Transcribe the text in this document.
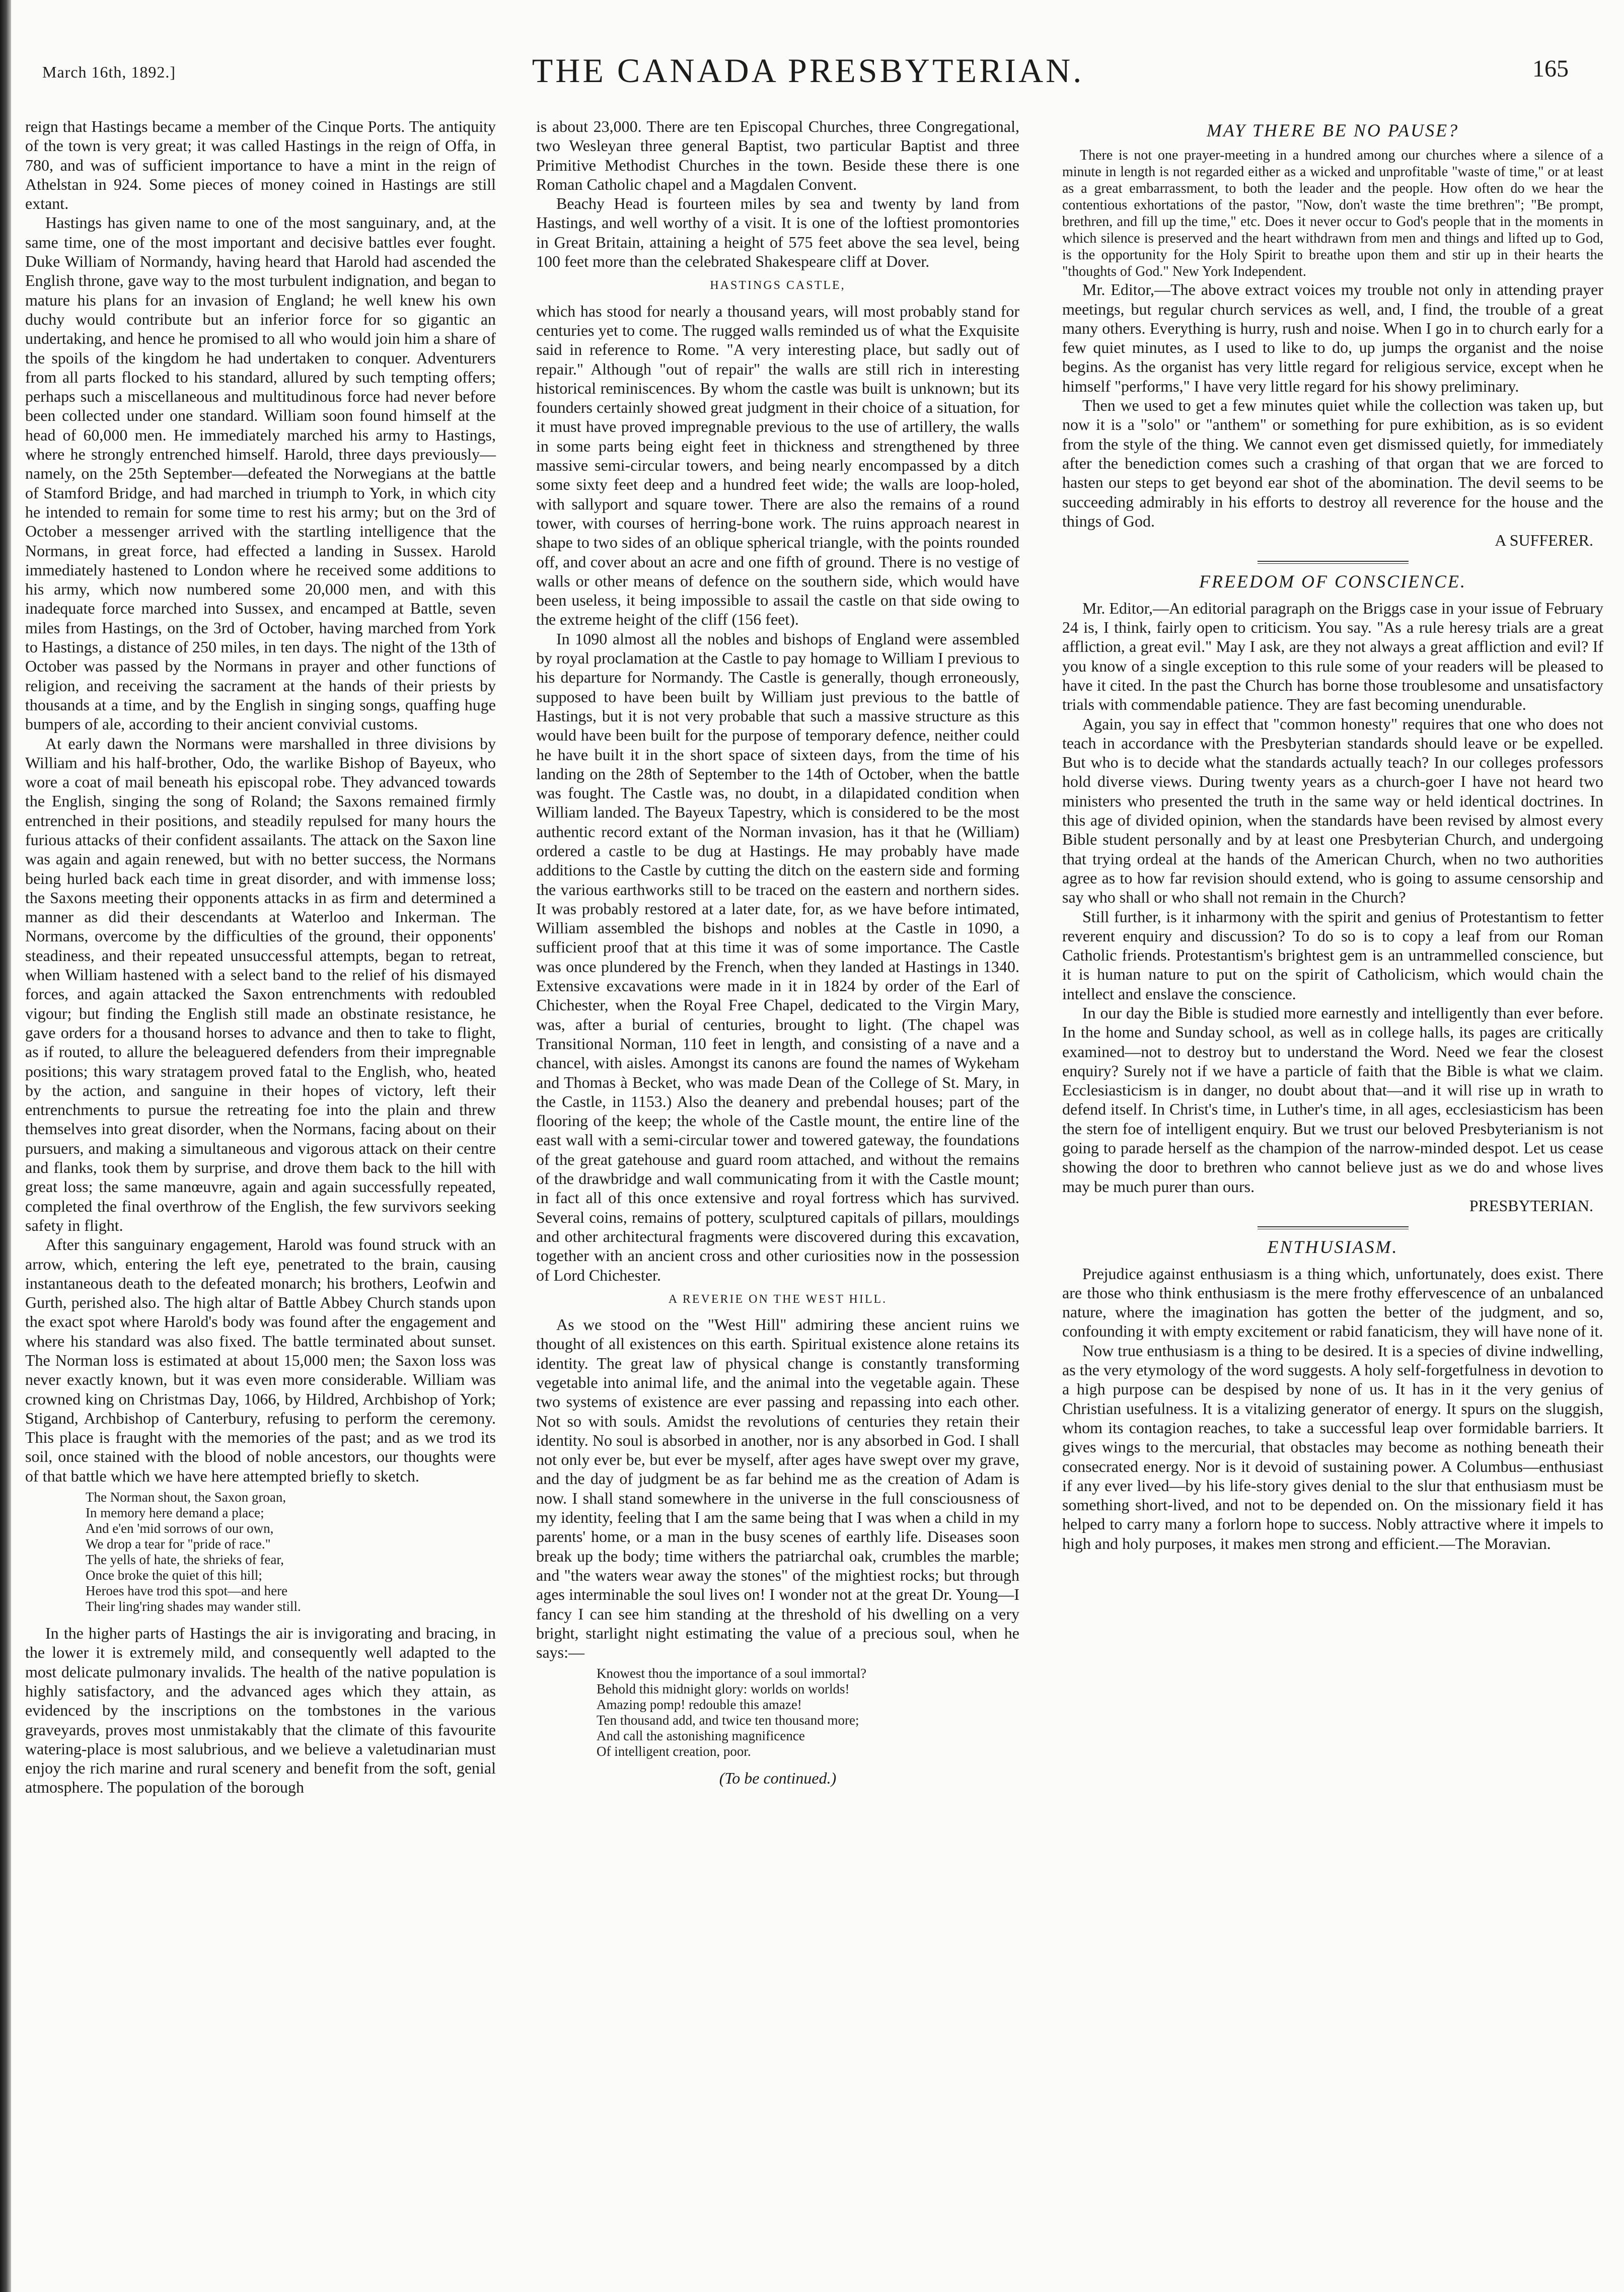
March 16th, 1892.]	THE CANADA PRESBYTERIAN.	165

reign that Hastings became a member of the Cinque Ports. The antiquity of the town is very great; it was called Hastings in the reign of Offa, in 780, and was of sufficient importance to have a mint in the reign of Athelstan in 924. Some pieces of money coined in Hastings are still extant.

Hastings has given name to one of the most sanguinary, and, at the same time, one of the most important and decisive battles ever fought. Duke William of Normandy, having heard that Harold had ascended the English throne, gave way to the most turbulent indignation, and began to mature his plans for an invasion of England; he well knew his own duchy would contribute but an inferior force for so gigantic an undertaking, and hence he promised to all who would join him a share of the spoils of the kingdom he had undertaken to conquer. Adventurers from all parts flocked to his standard, allured by such tempting offers; perhaps such a miscellaneous and multitudinous force had never before been collected under one standard. William soon found himself at the head of 60,000 men. He immediately marched his army to Hastings, where he strongly entrenched himself. Harold, three days previously—namely, on the 25th September—defeated the Norwegians at the battle of Stamford Bridge, and had marched in triumph to York, in which city he intended to remain for some time to rest his army; but on the 3rd of October a messenger arrived with the startling intelligence that the Normans, in great force, had effected a landing in Sussex. Harold immediately hastened to London where he received some additions to his army, which now numbered some 20,000 men, and with this inadequate force marched into Sussex, and encamped at Battle, seven miles from Hastings, on the 3rd of October, having marched from York to Hastings, a distance of 250 miles, in ten days. The night of the 13th of October was passed by the Normans in prayer and other functions of religion, and receiving the sacrament at the hands of their priests by thousands at a time, and by the English in singing songs, quaffing huge bumpers of ale, according to their ancient convivial customs.

At early dawn the Normans were marshalled in three divisions by William and his half-brother, Odo, the warlike Bishop of Bayeux, who wore a coat of mail beneath his episcopal robe. They advanced towards the English, singing the song of Roland; the Saxons remained firmly entrenched in their positions, and steadily repulsed for many hours the furious attacks of their confident assailants. The attack on the Saxon line was again and again renewed, but with no better success, the Normans being hurled back each time in great disorder, and with immense loss; the Saxons meeting their opponents attacks in as firm and determined a manner as did their descendants at Waterloo and Inkerman. The Normans, overcome by the difficulties of the ground, their opponents' steadiness, and their repeated unsuccessful attempts, began to retreat, when William hastened with a select band to the relief of his dismayed forces, and again attacked the Saxon entrenchments with redoubled vigour; but finding the English still made an obstinate resistance, he gave orders for a thousand horses to advance and then to take to flight, as if routed, to allure the beleaguered defenders from their impregnable positions; this wary stratagem proved fatal to the English, who, heated by the action, and sanguine in their hopes of victory, left their entrenchments to pursue the retreating foe into the plain and threw themselves into great disorder, when the Normans, facing about on their pursuers, and making a simultaneous and vigorous attack on their centre and flanks, took them by surprise, and drove them back to the hill with great loss; the same manœuvre, again and again successfully repeated, completed the final overthrow of the English, the few survivors seeking safety in flight.

After this sanguinary engagement, Harold was found struck with an arrow, which, entering the left eye, penetrated to the brain, causing instantaneous death to the defeated monarch; his brothers, Leofwin and Gurth, perished also. The high altar of Battle Abbey Church stands upon the exact spot where Harold's body was found after the engagement and where his standard was also fixed. The battle terminated about sunset. The Norman loss is estimated at about 15,000 men; the Saxon loss was never exactly known, but it was even more considerable. William was crowned king on Christmas Day, 1066, by Hildred, Archbishop of York; Stigand, Archbishop of Canterbury, refusing to perform the ceremony. This place is fraught with the memories of the past; and as we trod its soil, once stained with the blood of noble ancestors, our thoughts were of that battle which we have here attempted briefly to sketch.

The Norman shout, the Saxon groan,
In memory here demand a place;
And e'en 'mid sorrows of our own,
We drop a tear for "pride of race."
The yells of hate, the shrieks of fear,
Once broke the quiet of this hill;
Heroes have trod this spot—and here
Their ling'ring shades may wander still.

In the higher parts of Hastings the air is invigorating and bracing, in the lower it is extremely mild, and consequently well adapted to the most delicate pulmonary invalids. The health of the native population is highly satisfactory, and the advanced ages which they attain, as evidenced by the inscriptions on the tombstones in the various graveyards, proves most unmistakably that the climate of this favourite watering-place is most salubrious, and we believe a valetudinarian must enjoy the rich marine and rural scenery and benefit from the soft, genial atmosphere. The population of the borough

is about 23,000. There are ten Episcopal Churches, three Congregational, two Wesleyan three general Baptist, two particular Baptist and three Primitive Methodist Churches in the town. Beside these there is one Roman Catholic chapel and a Magdalen Convent.

Beachy Head is fourteen miles by sea and twenty by land from Hastings, and well worthy of a visit. It is one of the loftiest promontories in Great Britain, attaining a height of 575 feet above the sea level, being 100 feet more than the celebrated Shakespeare cliff at Dover.

HASTINGS CASTLE,

which has stood for nearly a thousand years, will most probably stand for centuries yet to come. The rugged walls reminded us of what the Exquisite said in reference to Rome. "A very interesting place, but sadly out of repair." Although "out of repair" the walls are still rich in interesting historical reminiscences. By whom the castle was built is unknown; but its founders certainly showed great judgment in their choice of a situation, for it must have proved impregnable previous to the use of artillery, the walls in some parts being eight feet in thickness and strengthened by three massive semi-circular towers, and being nearly encompassed by a ditch some sixty feet deep and a hundred feet wide; the walls are loop-holed, with sallyport and square tower. There are also the remains of a round tower, with courses of herring-bone work. The ruins approach nearest in shape to two sides of an oblique spherical triangle, with the points rounded off, and cover about an acre and one fifth of ground. There is no vestige of walls or other means of defence on the southern side, which would have been useless, it being impossible to assail the castle on that side owing to the extreme height of the cliff (156 feet).

In 1090 almost all the nobles and bishops of England were assembled by royal proclamation at the Castle to pay homage to William I previous to his departure for Normandy. The Castle is generally, though erroneously, supposed to have been built by William just previous to the battle of Hastings, but it is not very probable that such a massive structure as this would have been built for the purpose of temporary defence, neither could he have built it in the short space of sixteen days, from the time of his landing on the 28th of September to the 14th of October, when the battle was fought. The Castle was, no doubt, in a dilapidated condition when William landed. The Bayeux Tapestry, which is considered to be the most authentic record extant of the Norman invasion, has it that he (William) ordered a castle to be dug at Hastings. He may probably have made additions to the Castle by cutting the ditch on the eastern side and forming the various earthworks still to be traced on the eastern and northern sides. It was probably restored at a later date, for, as we have before intimated, William assembled the bishops and nobles at the Castle in 1090, a sufficient proof that at this time it was of some importance. The Castle was once plundered by the French, when they landed at Hastings in 1340. Extensive excavations were made in it in 1824 by order of the Earl of Chichester, when the Royal Free Chapel, dedicated to the Virgin Mary, was, after a burial of centuries, brought to light. (The chapel was Transitional Norman, 110 feet in length, and consisting of a nave and a chancel, with aisles. Amongst its canons are found the names of Wykeham and Thomas à Becket, who was made Dean of the College of St. Mary, in the Castle, in 1153.) Also the deanery and prebendal houses; part of the flooring of the keep; the whole of the Castle mount, the entire line of the east wall with a semi-circular tower and towered gateway, the foundations of the great gatehouse and guard room attached, and without the remains of the drawbridge and wall communicating from it with the Castle mount; in fact all of this once extensive and royal fortress which has survived. Several coins, remains of pottery, sculptured capitals of pillars, mouldings and other architectural fragments were discovered during this excavation, together with an ancient cross and other curiosities now in the possession of Lord Chichester.

A REVERIE ON THE WEST HILL.

As we stood on the "West Hill" admiring these ancient ruins we thought of all existences on this earth. Spiritual existence alone retains its identity. The great law of physical change is constantly transforming vegetable into animal life, and the animal into the vegetable again. These two systems of existence are ever passing and repassing into each other. Not so with souls. Amidst the revolutions of centuries they retain their identity. No soul is absorbed in another, nor is any absorbed in God. I shall not only ever be, but ever be myself, after ages have swept over my grave, and the day of judgment be as far behind me as the creation of Adam is now. I shall stand somewhere in the universe in the full consciousness of my identity, feeling that I am the same being that I was when a child in my parents' home, or a man in the busy scenes of earthly life. Diseases soon break up the body; time withers the patriarchal oak, crumbles the marble; and "the waters wear away the stones" of the mightiest rocks; but through ages interminable the soul lives on! I wonder not at the great Dr. Young—I fancy I can see him standing at the threshold of his dwelling on a very bright, starlight night estimating the value of a precious soul, when he says:—

Knowest thou the importance of a soul immortal?
Behold this midnight glory: worlds on worlds!
Amazing pomp! redouble this amaze!
Ten thousand add, and twice ten thousand more;
And call the astonishing magnificence
Of intelligent creation, poor.
(To be continued.)
MAY THERE BE NO PAUSE?

There is not one prayer-meeting in a hundred among our churches where a silence of a minute in length is not regarded either as a wicked and unprofitable "waste of time," or at least as a great embarrassment, to both the leader and the people. How often do we hear the contentious exhortations of the pastor, "Now, don't waste the time brethren"; "Be prompt, brethren, and fill up the time," etc. Does it never occur to God's people that in the moments in which silence is preserved and the heart withdrawn from men and things and lifted up to God, is the opportunity for the Holy Spirit to breathe upon them and stir up in their hearts the "thoughts of God." New York Independent.

Mr. Editor,—The above extract voices my trouble not only in attending prayer meetings, but regular church services as well, and, I find, the trouble of a great many others. Everything is hurry, rush and noise. When I go in to church early for a few quiet minutes, as I used to like to do, up jumps the organist and the noise begins. As the organist has very little regard for religious service, except when he himself "performs," I have very little regard for his showy preliminary.

Then we used to get a few minutes quiet while the collection was taken up, but now it is a "solo" or "anthem" or something for pure exhibition, as is so evident from the style of the thing. We cannot even get dismissed quietly, for immediately after the benediction comes such a crashing of that organ that we are forced to hasten our steps to get beyond ear shot of the abomination. The devil seems to be succeeding admirably in his efforts to destroy all reverence for the house and the things of God.

A SUFFERER.
FREEDOM OF CONSCIENCE.

Mr. Editor,—An editorial paragraph on the Briggs case in your issue of February 24 is, I think, fairly open to criticism. You say. "As a rule heresy trials are a great affliction, a great evil." May I ask, are they not always a great affliction and evil? If you know of a single exception to this rule some of your readers will be pleased to have it cited. In the past the Church has borne those troublesome and unsatisfactory trials with commendable patience. They are fast becoming unendurable.

Again, you say in effect that "common honesty" requires that one who does not teach in accordance with the Presbyterian standards should leave or be expelled. But who is to decide what the standards actually teach? In our colleges professors hold diverse views. During twenty years as a church-goer I have not heard two ministers who presented the truth in the same way or held identical doctrines. In this age of divided opinion, when the standards have been revised by almost every Bible student personally and by at least one Presbyterian Church, and undergoing that trying ordeal at the hands of the American Church, when no two authorities agree as to how far revision should extend, who is going to assume censorship and say who shall or who shall not remain in the Church?

Still further, is it inharmony with the spirit and genius of Protestantism to fetter reverent enquiry and discussion? To do so is to copy a leaf from our Roman Catholic friends. Protestantism's brightest gem is an untrammelled conscience, but it is human nature to put on the spirit of Catholicism, which would chain the intellect and enslave the conscience.

In our day the Bible is studied more earnestly and intelligently than ever before. In the home and Sunday school, as well as in college halls, its pages are critically examined—not to destroy but to understand the Word. Need we fear the closest enquiry? Surely not if we have a particle of faith that the Bible is what we claim. Ecclesiasticism is in danger, no doubt about that—and it will rise up in wrath to defend itself. In Christ's time, in Luther's time, in all ages, ecclesiasticism has been the stern foe of intelligent enquiry. But we trust our beloved Presbyterianism is not going to parade herself as the champion of the narrow-minded despot. Let us cease showing the door to brethren who cannot believe just as we do and whose lives may be much purer than ours.

PRESBYTERIAN.
ENTHUSIASM.

Prejudice against enthusiasm is a thing which, unfortunately, does exist. There are those who think enthusiasm is the mere frothy effervescence of an unbalanced nature, where the imagination has gotten the better of the judgment, and so, confounding it with empty excitement or rabid fanaticism, they will have none of it.

Now true enthusiasm is a thing to be desired. It is a species of divine indwelling, as the very etymology of the word suggests. A holy self-forgetfulness in devotion to a high purpose can be despised by none of us. It has in it the very genius of Christian usefulness. It is a vitalizing generator of energy. It spurs on the sluggish, whom its contagion reaches, to take a successful leap over formidable barriers. It gives wings to the mercurial, that obstacles may become as nothing beneath their consecrated energy. Nor is it devoid of sustaining power. A Columbus—enthusiast if any ever lived—by his life-story gives denial to the slur that enthusiasm must be something short-lived, and not to be depended on. On the missionary field it has helped to carry many a forlorn hope to success. Nobly attractive where it impels to high and holy purposes, it makes men strong and efficient.—The Moravian.
